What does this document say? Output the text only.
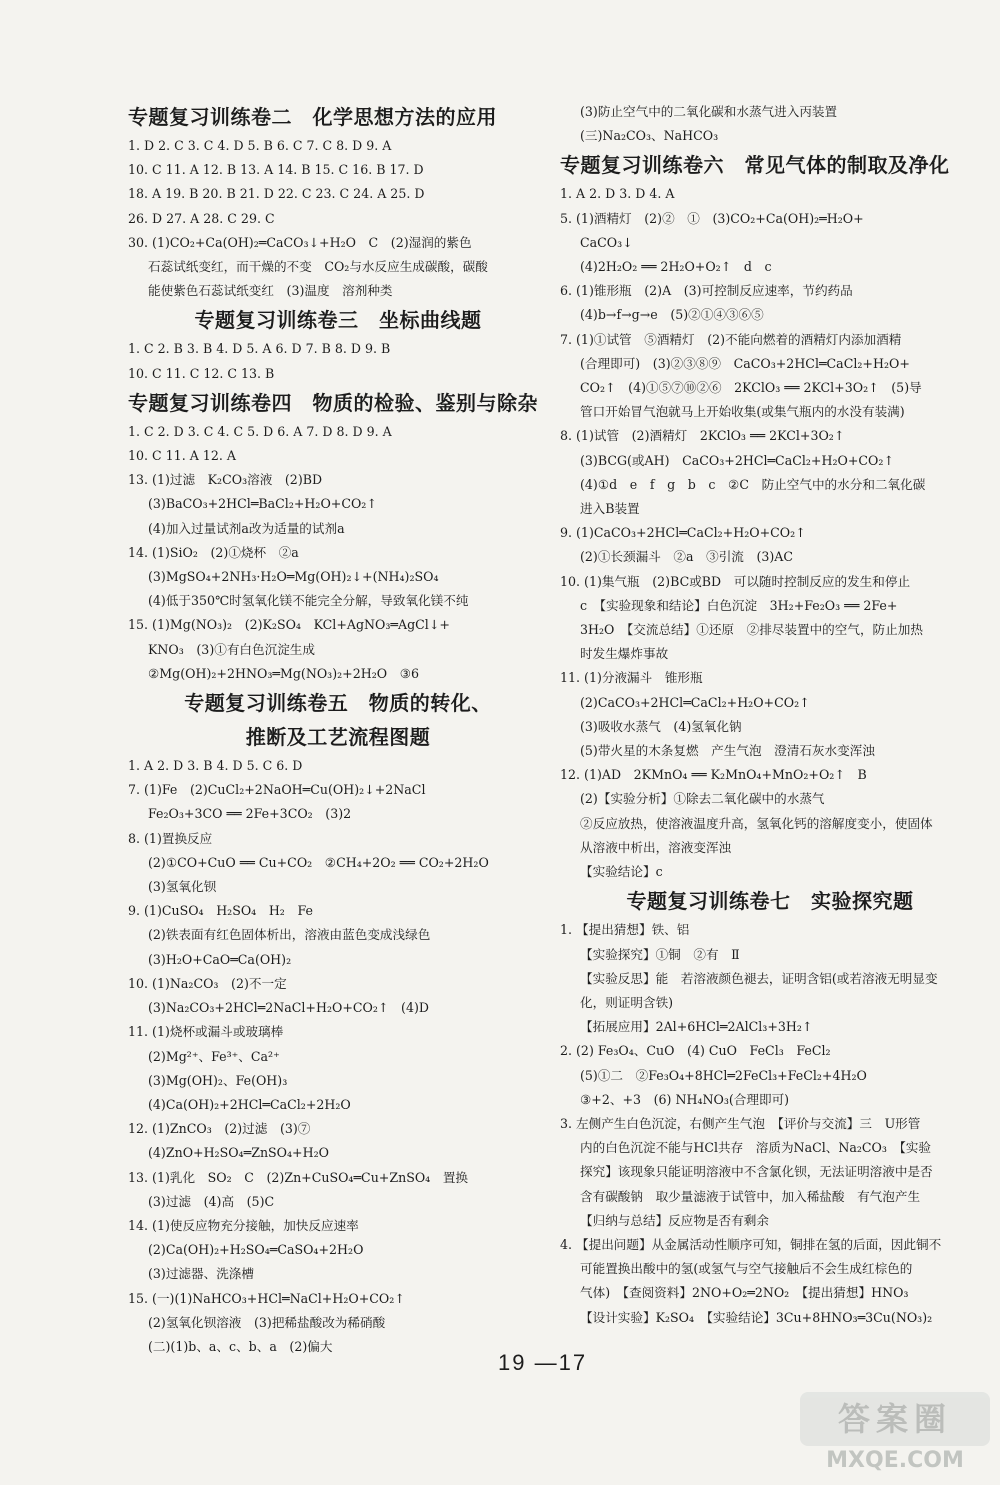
专题复习训练卷二　化学思想方法的应用
1. D 2. C 3. C 4. D 5. B 6. C 7. C 8. D 9. A
10. C 11. A 12. B 13. A 14. B 15. C 16. B 17. D
18. A 19. B 20. B 21. D 22. C 23. C 24. A 25. D
26. D 27. A 28. C 29. C
30. (1)CO₂+Ca(OH)₂═CaCO₃↓+H₂O　C　(2)湿润的紫色
石蕊试纸变红，而干燥的不变　CO₂与水反应生成碳酸，碳酸
能使紫色石蕊试纸变红　(3)温度　溶剂种类
专题复习训练卷三　坐标曲线题
1. C 2. B 3. B 4. D 5. A 6. D 7. B 8. D 9. B
10. C 11. C 12. C 13. B
专题复习训练卷四　物质的检验、鉴别与除杂
1. C 2. D 3. C 4. C 5. D 6. A 7. D 8. D 9. A
10. C 11. A 12. A
13. (1)过滤　K₂CO₃溶液　(2)BD
(3)BaCO₃+2HCl═BaCl₂+H₂O+CO₂↑
(4)加入过量试剂a改为适量的试剂a
14. (1)SiO₂　(2)①烧杯　②a
(3)MgSO₄+2NH₃·H₂O═Mg(OH)₂↓+(NH₄)₂SO₄
(4)低于350℃时氢氧化镁不能完全分解，导致氧化镁不纯
15. (1)Mg(NO₃)₂　(2)K₂SO₄　KCl+AgNO₃═AgCl↓+
KNO₃　(3)①有白色沉淀生成
②Mg(OH)₂+2HNO₃═Mg(NO₃)₂+2H₂O　③6
专题复习训练卷五　物质的转化、
推断及工艺流程图题
1. A 2. D 3. B 4. D 5. C 6. D
7. (1)Fe　(2)CuCl₂+2NaOH═Cu(OH)₂↓+2NaCl
Fe₂O₃+3CO ══ 2Fe+3CO₂　(3)2
8. (1)置换反应
(2)①CO+CuO ══ Cu+CO₂　②CH₄+2O₂ ══ CO₂+2H₂O
(3)氢氧化钡
9. (1)CuSO₄　H₂SO₄　H₂　Fe
(2)铁表面有红色固体析出，溶液由蓝色变成浅绿色
(3)H₂O+CaO═Ca(OH)₂
10. (1)Na₂CO₃　(2)不一定
(3)Na₂CO₃+2HCl═2NaCl+H₂O+CO₂↑　(4)D
11. (1)烧杯或漏斗或玻璃棒
(2)Mg²⁺、Fe³⁺、Ca²⁺
(3)Mg(OH)₂、Fe(OH)₃
(4)Ca(OH)₂+2HCl═CaCl₂+2H₂O
12. (1)ZnCO₃　(2)过滤　(3)⑦
(4)ZnO+H₂SO₄═ZnSO₄+H₂O
13. (1)乳化　SO₂　C　(2)Zn+CuSO₄═Cu+ZnSO₄　置换
(3)过滤　(4)高　(5)C
14. (1)使反应物充分接触，加快反应速率
(2)Ca(OH)₂+H₂SO₄═CaSO₄+2H₂O
(3)过滤器、洗涤槽
15. (一)(1)NaHCO₃+HCl═NaCl+H₂O+CO₂↑
(2)氢氧化钡溶液　(3)把稀盐酸改为稀硝酸
(二)(1)b、a、c、b、a　(2)偏大
(3)防止空气中的二氧化碳和水蒸气进入丙装置
(三)Na₂CO₃、NaHCO₃
专题复习训练卷六　常见气体的制取及净化
1. A 2. D 3. D 4. A
5. (1)酒精灯　(2)②　①　(3)CO₂+Ca(OH)₂═H₂O+
CaCO₃↓
(4)2H₂O₂ ══ 2H₂O+O₂↑　d　c
6. (1)锥形瓶　(2)A　(3)可控制反应速率，节约药品
(4)b→f→g→e　(5)②①④③⑥⑤
7. (1)①试管　⑤酒精灯　(2)不能向燃着的酒精灯内添加酒精
(合理即可)　(3)②③⑧⑨　CaCO₃+2HCl═CaCl₂+H₂O+
CO₂↑　(4)①⑤⑦⑩②⑥　2KClO₃ ══ 2KCl+3O₂↑　(5)导
管口开始冒气泡就马上开始收集(或集气瓶内的水没有装满)
8. (1)试管　(2)酒精灯　2KClO₃ ══ 2KCl+3O₂↑
(3)BCG(或AH)　CaCO₃+2HCl═CaCl₂+H₂O+CO₂↑
(4)①d　e　f　g　b　c　②C　防止空气中的水分和二氧化碳
进入B装置
9. (1)CaCO₃+2HCl═CaCl₂+H₂O+CO₂↑
(2)①长颈漏斗　②a　③引流　(3)AC
10. (1)集气瓶　(2)BC或BD　可以随时控制反应的发生和停止
c　【实验现象和结论】白色沉淀　3H₂+Fe₂O₃ ══ 2Fe+
3H₂O　【交流总结】①还原　②排尽装置中的空气，防止加热
时发生爆炸事故
11. (1)分液漏斗　锥形瓶
(2)CaCO₃+2HCl═CaCl₂+H₂O+CO₂↑
(3)吸收水蒸气　(4)氢氧化钠
(5)带火星的木条复燃　产生气泡　澄清石灰水变浑浊
12. (1)AD　2KMnO₄ ══ K₂MnO₄+MnO₂+O₂↑　B
(2)【实验分析】①除去二氧化碳中的水蒸气
②反应放热，使溶液温度升高，氢氧化钙的溶解度变小，使固体
从溶液中析出，溶液变浑浊
【实验结论】c
专题复习训练卷七　实验探究题
1. 【提出猜想】铁、铝
【实验探究】①铜　②有　Ⅱ
【实验反思】能　若溶液颜色褪去，证明含铝(或若溶液无明显变
化，则证明含铁)
【拓展应用】2Al+6HCl═2AlCl₃+3H₂↑
2. (2) Fe₃O₄、CuO　(4) CuO　FeCl₃　FeCl₂
(5)①二　②Fe₃O₄+8HCl═2FeCl₃+FeCl₂+4H₂O
③+2、+3　(6) NH₄NO₃(合理即可)
3. 左侧产生白色沉淀，右侧产生气泡　【评价与交流】三　U形管
内的白色沉淀不能与HCl共存　溶质为NaCl、Na₂CO₃　【实验
探究】该现象只能证明溶液中不含氯化钡，无法证明溶液中是否
含有碳酸钠　取少量滤液于试管中，加入稀盐酸　有气泡产生
【归纳与总结】反应物是否有剩余
4. 【提出问题】从金属活动性顺序可知，铜排在氢的后面，因此铜不
可能置换出酸中的氢(或氢气与空气接触后不会生成红棕色的
气体)　【查阅资料】2NO+O₂═2NO₂　【提出猜想】HNO₃
【设计实验】K₂SO₄　【实验结论】3Cu+8HNO₃═3Cu(NO₃)₂
19 —17
答案圈
MXQE.COM
